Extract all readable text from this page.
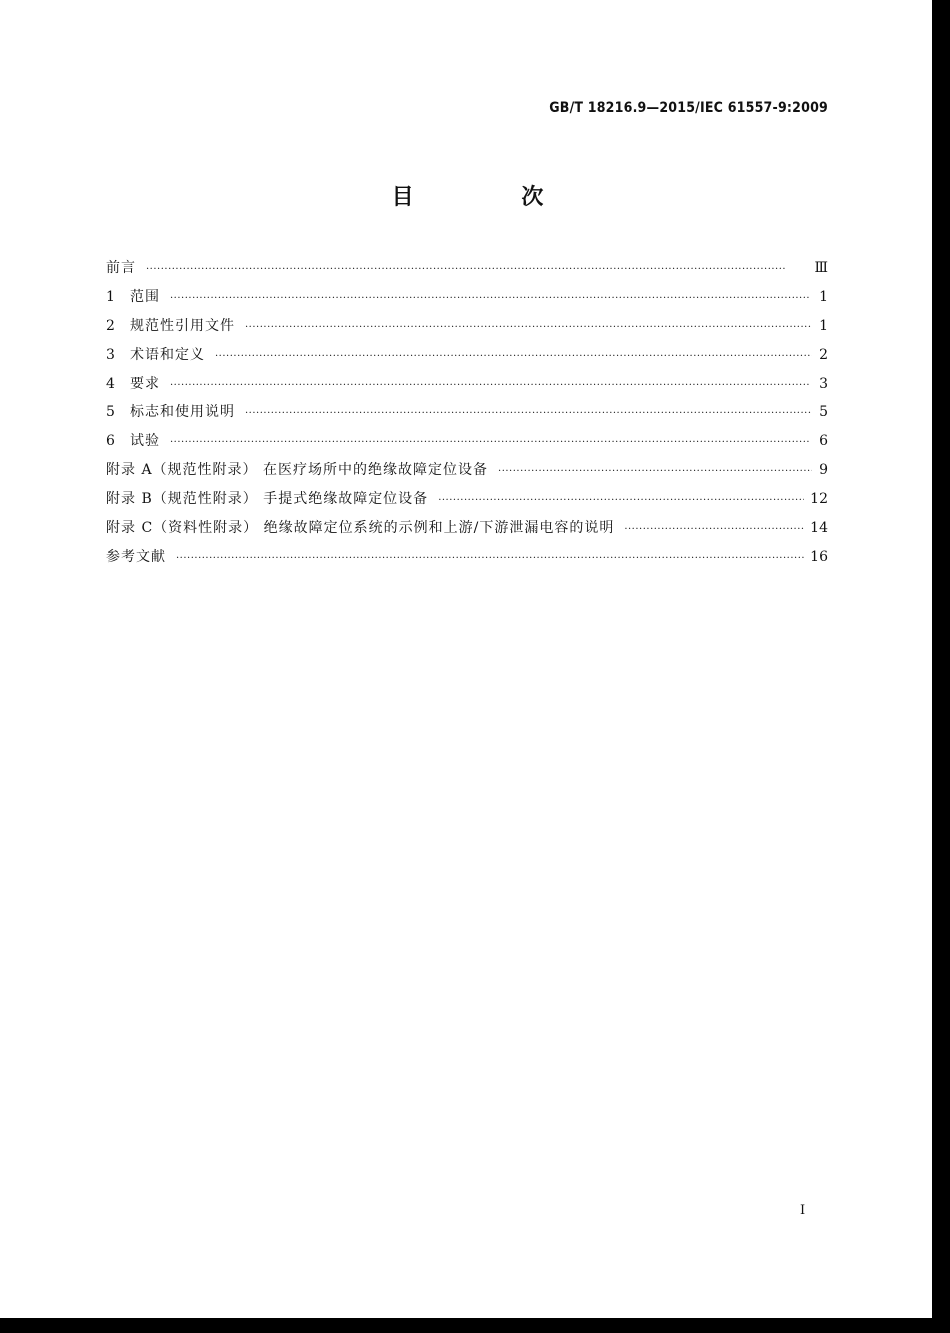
GB/T 18216.9—2015/IEC 61557-9:2009
目 次
前言 ·····	Ⅲ
1	范围 ·····	1
2	规范性引用文件 ·····	1
3	术语和定义 ·····	2
4	要求 ·····	3
5	标志和使用说明 ·····	5
6	试验 ·····	6
附录 A（规范性附录） 在医疗场所中的绝缘故障定位设备 ·····	9
附录 B（规范性附录） 手提式绝缘故障定位设备 ·····	12
附录 C（资料性附录） 绝缘故障定位系统的示例和上游/下游泄漏电容的说明 ·····	14
参考文献 ·····	16
I
